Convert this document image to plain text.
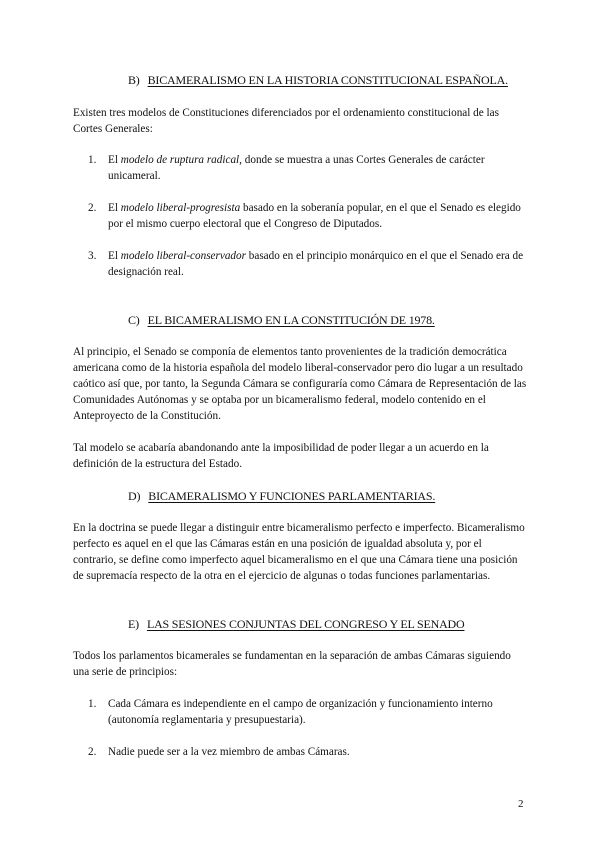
B) BICAMERALISMO EN LA HISTORIA CONSTITUCIONAL ESPAÑOLA.

Existen tres modelos de Constituciones diferenciados por el ordenamiento constitucional de las Cortes Generales:

1. El modelo de ruptura radical, donde se muestra a unas Cortes Generales de carácter unicameral.
2. El modelo liberal-progresista basado en la soberanía popular, en el que el Senado es elegido por el mismo cuerpo electoral que el Congreso de Diputados.
3. El modelo liberal-conservador basado en el principio monárquico en el que el Senado era de designación real.
C) EL BICAMERALISMO EN LA CONSTITUCIÓN DE 1978.

Al principio, el Senado se componía de elementos tanto provenientes de la tradición democrática americana como de la historia española del modelo liberal-conservador pero dio lugar a un resultado caótico así que, por tanto, la Segunda Cámara se configuraría como Cámara de Representación de las Comunidades Autónomas y se optaba por un bicameralismo federal, modelo contenido en el Anteproyecto de la Constitución.

Tal modelo se acabaría abandonando ante la imposibilidad de poder llegar a un acuerdo en la definición de la estructura del Estado.

D) BICAMERALISMO Y FUNCIONES PARLAMENTARIAS.

En la doctrina se puede llegar a distinguir entre bicameralismo perfecto e imperfecto. Bicameralismo perfecto es aquel en el que las Cámaras están en una posición de igualdad absoluta y, por el contrario, se define como imperfecto aquel bicameralismo en el que una Cámara tiene una posición de supremacía respecto de la otra en el ejercicio de algunas o todas funciones parlamentarias.

E) LAS SESIONES CONJUNTAS DEL CONGRESO Y EL SENADO

Todos los parlamentos bicamerales se fundamentan en la separación de ambas Cámaras siguiendo una serie de principios:

1. Cada Cámara es independiente en el campo de organización y funcionamiento interno (autonomía reglamentaria y presupuestaria).
2. Nadie puede ser a la vez miembro de ambas Cámaras.
2
